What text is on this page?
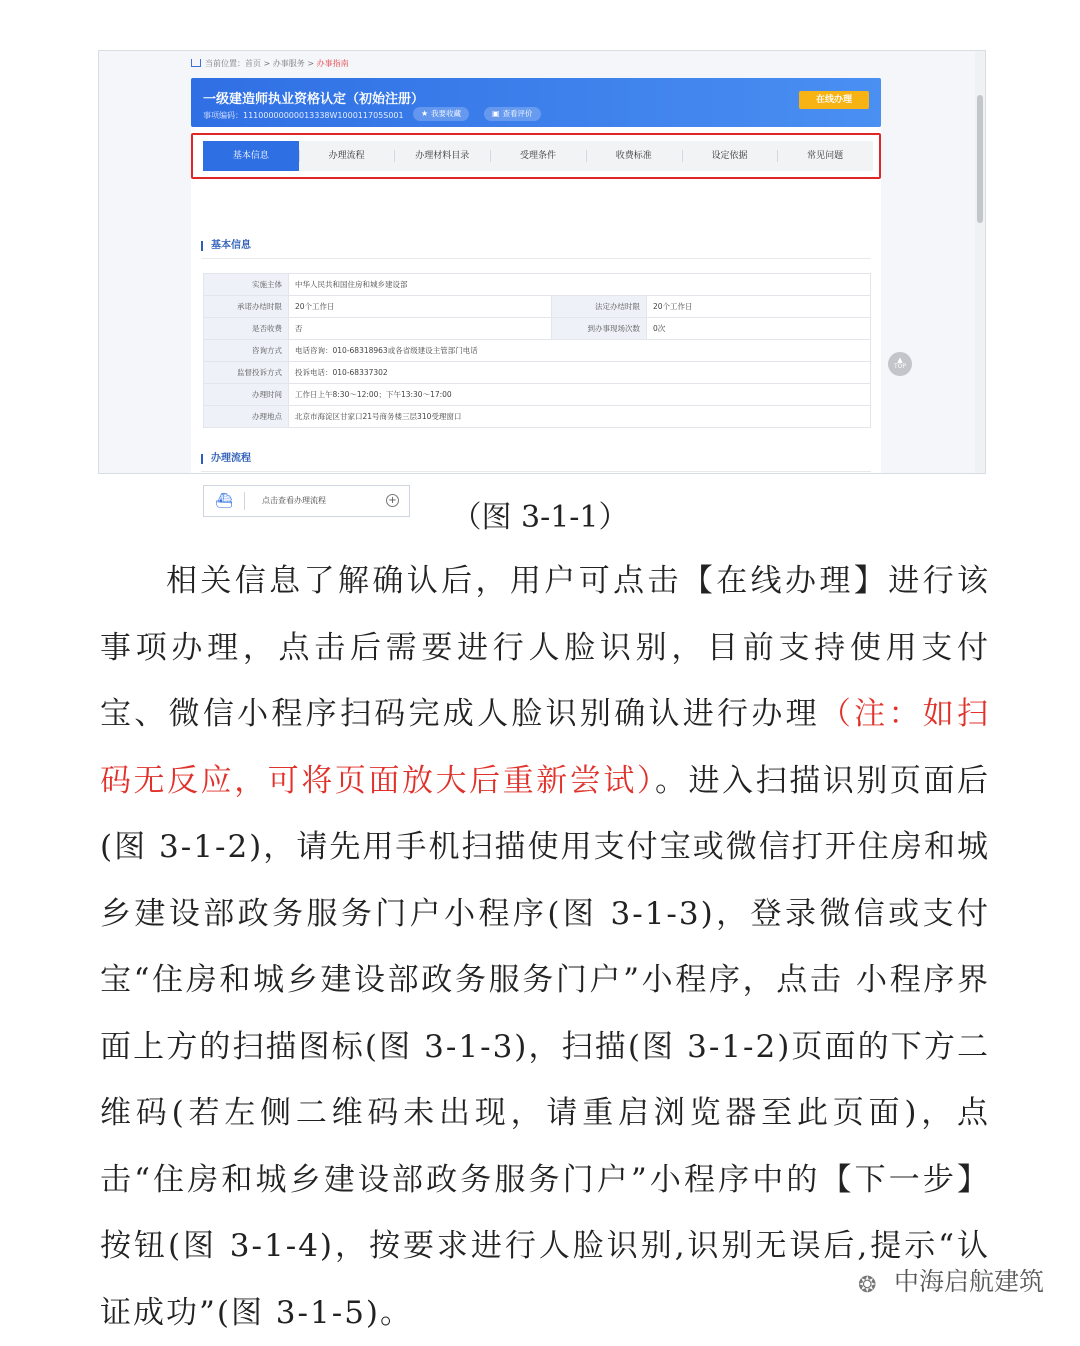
当前位置：首页 > 办事服务 > 办事指南
一级建造师执业资格认定（初始注册）
事项编码：11100000000013338W100011705S001	★ 我要收藏	▣ 查看评价
在线办理
基本信息	办理流程	办理材料目录	受理条件	收费标准	设定依据	常见问题
基本信息
实施主体	中华人民共和国住房和城乡建设部		
承诺办结时限	20个工作日	法定办结时限	20个工作日
是否收费	否	到办事现场次数	0次
咨询方式	电话咨询：010-68318963或各省级建设主管部门电话		
监督投诉方式	投诉电话：010-68337302		
办理时间	工作日上午8:30～12:00；下午13:30～17:00		
办理地点	北京市海淀区甘家口21号商务楼三层310受理窗口		
办理流程
⛴	点击查看办理流程	+
▲ TOP
（图 3-1-1）
相关信息了解确认后，用户可点击【在线办理】进行该事项办理，点击后需要进行人脸识别，目前支持使用支付宝、微信小程序扫码完成人脸识别确认进行办理（注：如扫码无反应，可将页面放大后重新尝试）。进入扫描识别页面后(图 3-1-2)，请先用手机扫描使用支付宝或微信打开住房和城乡建设部政务服务门户小程序(图 3-1-3)，登录微信或支付宝“住房和城乡建设部政务服务门户”小程序，点击 小程序界面上方的扫描图标(图 3-1-3)，扫描(图 3-1-2)页面的下方二维码(若左侧二维码未出现，请重启浏览器至此页面)，点击“住房和城乡建设部政务服务门户”小程序中的【下一步】按钮(图 3-1-4)，按要求进行人脸识别,识别无误后,提示“认证成功”(图 3-1-5)。
❂ 中海启航建筑
